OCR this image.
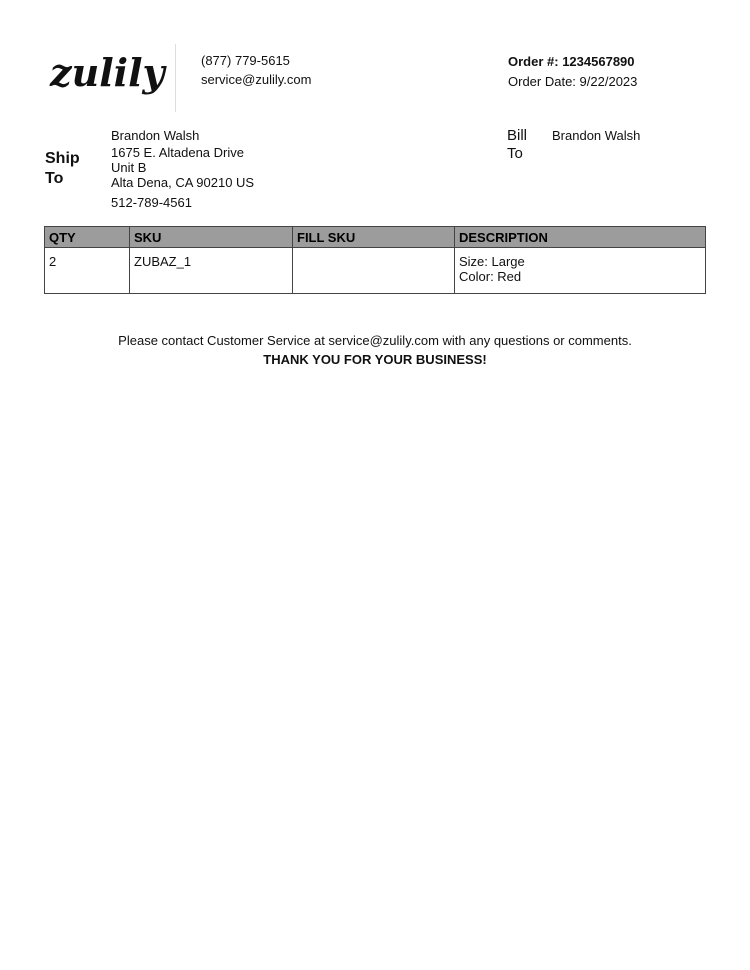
zulily	(877) 779-5615
service@zulily.com
Order #: 1234567890
Order Date: 9/22/2023
Ship
To
Brandon Walsh
1675 E. Altadena Drive
Unit B
Alta Dena, CA 90210 US
512-789-4561
Bill
To
Brandon Walsh
QTY	SKU	FILL SKU	DESCRIPTION
2	ZUBAZ_1		Size: Large
Color: Red
Please contact Customer Service at service@zulily.com with any questions or comments.
THANK YOU FOR YOUR BUSINESS!
